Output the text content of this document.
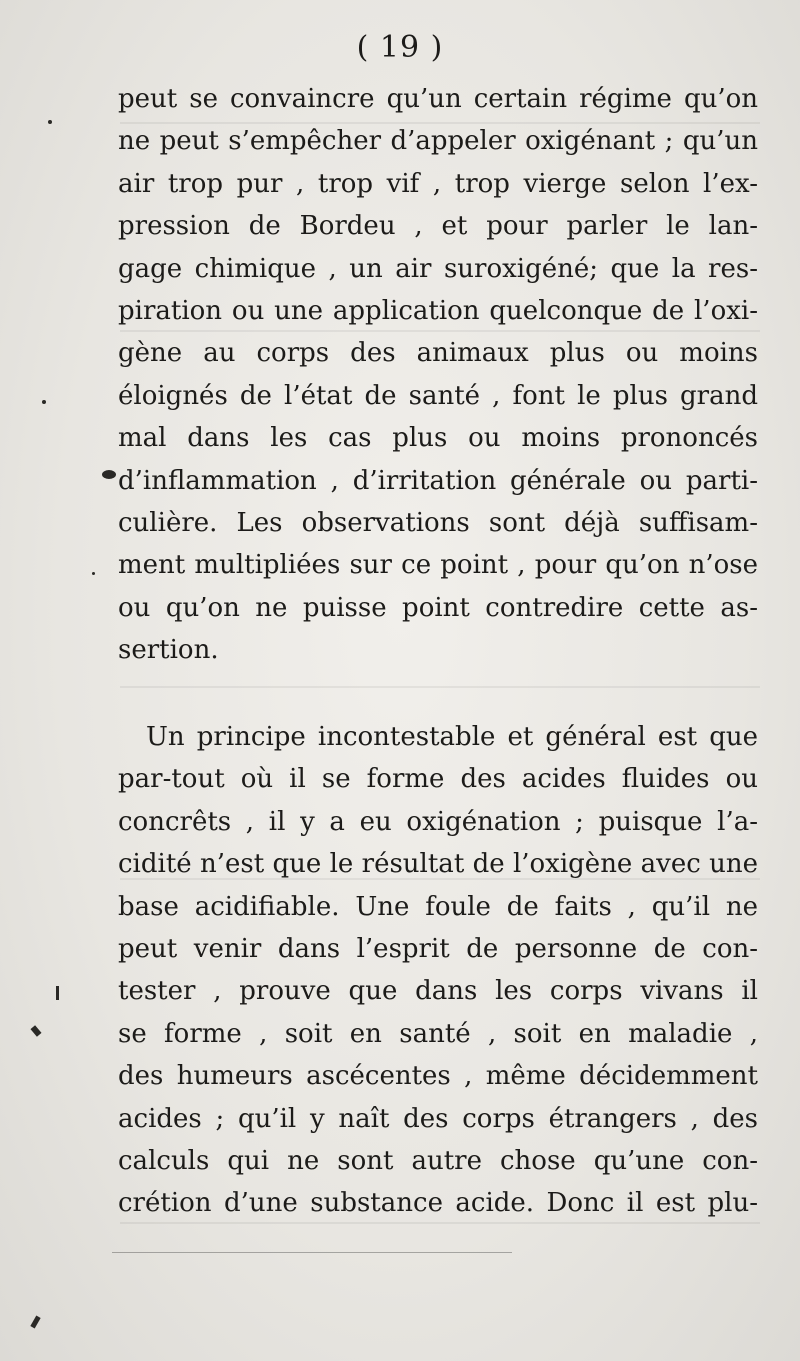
( 19 )
peut se convaincre qu’un certain régime qu’on
ne peut s’empêcher d’appeler oxigénant ; qu’un
air trop pur , trop vif , trop vierge selon l’ex-
pression de Bordeu , et pour parler le lan-
gage chimique , un air suroxigéné; que la res-
piration ou une application quelconque de l’oxi-
gène au corps des animaux plus ou moins
éloignés de l’état de santé , font le plus grand
mal dans les cas plus ou moins prononcés
d’inflammation , d’irritation générale ou parti-
culière. Les observations sont déjà suffisam-
ment multipliées sur ce point , pour qu’on n’ose
ou qu’on ne puisse point contredire cette as-
sertion.
Un principe incontestable et général est que
par-tout où il se forme des acides fluides ou
concrêts , il y a eu oxigénation ; puisque l’a-
cidité n’est que le résultat de l’oxigène avec une
base acidifiable. Une foule de faits , qu’il ne
peut venir dans l’esprit de personne de con-
tester , prouve que dans les corps vivans il
se forme , soit en santé , soit en maladie ,
des humeurs ascécentes , même décidemment
acides ; qu’il y naît des corps étrangers , des
calculs qui ne sont autre chose qu’une con-
crétion d’une substance acide. Donc il est plu-
